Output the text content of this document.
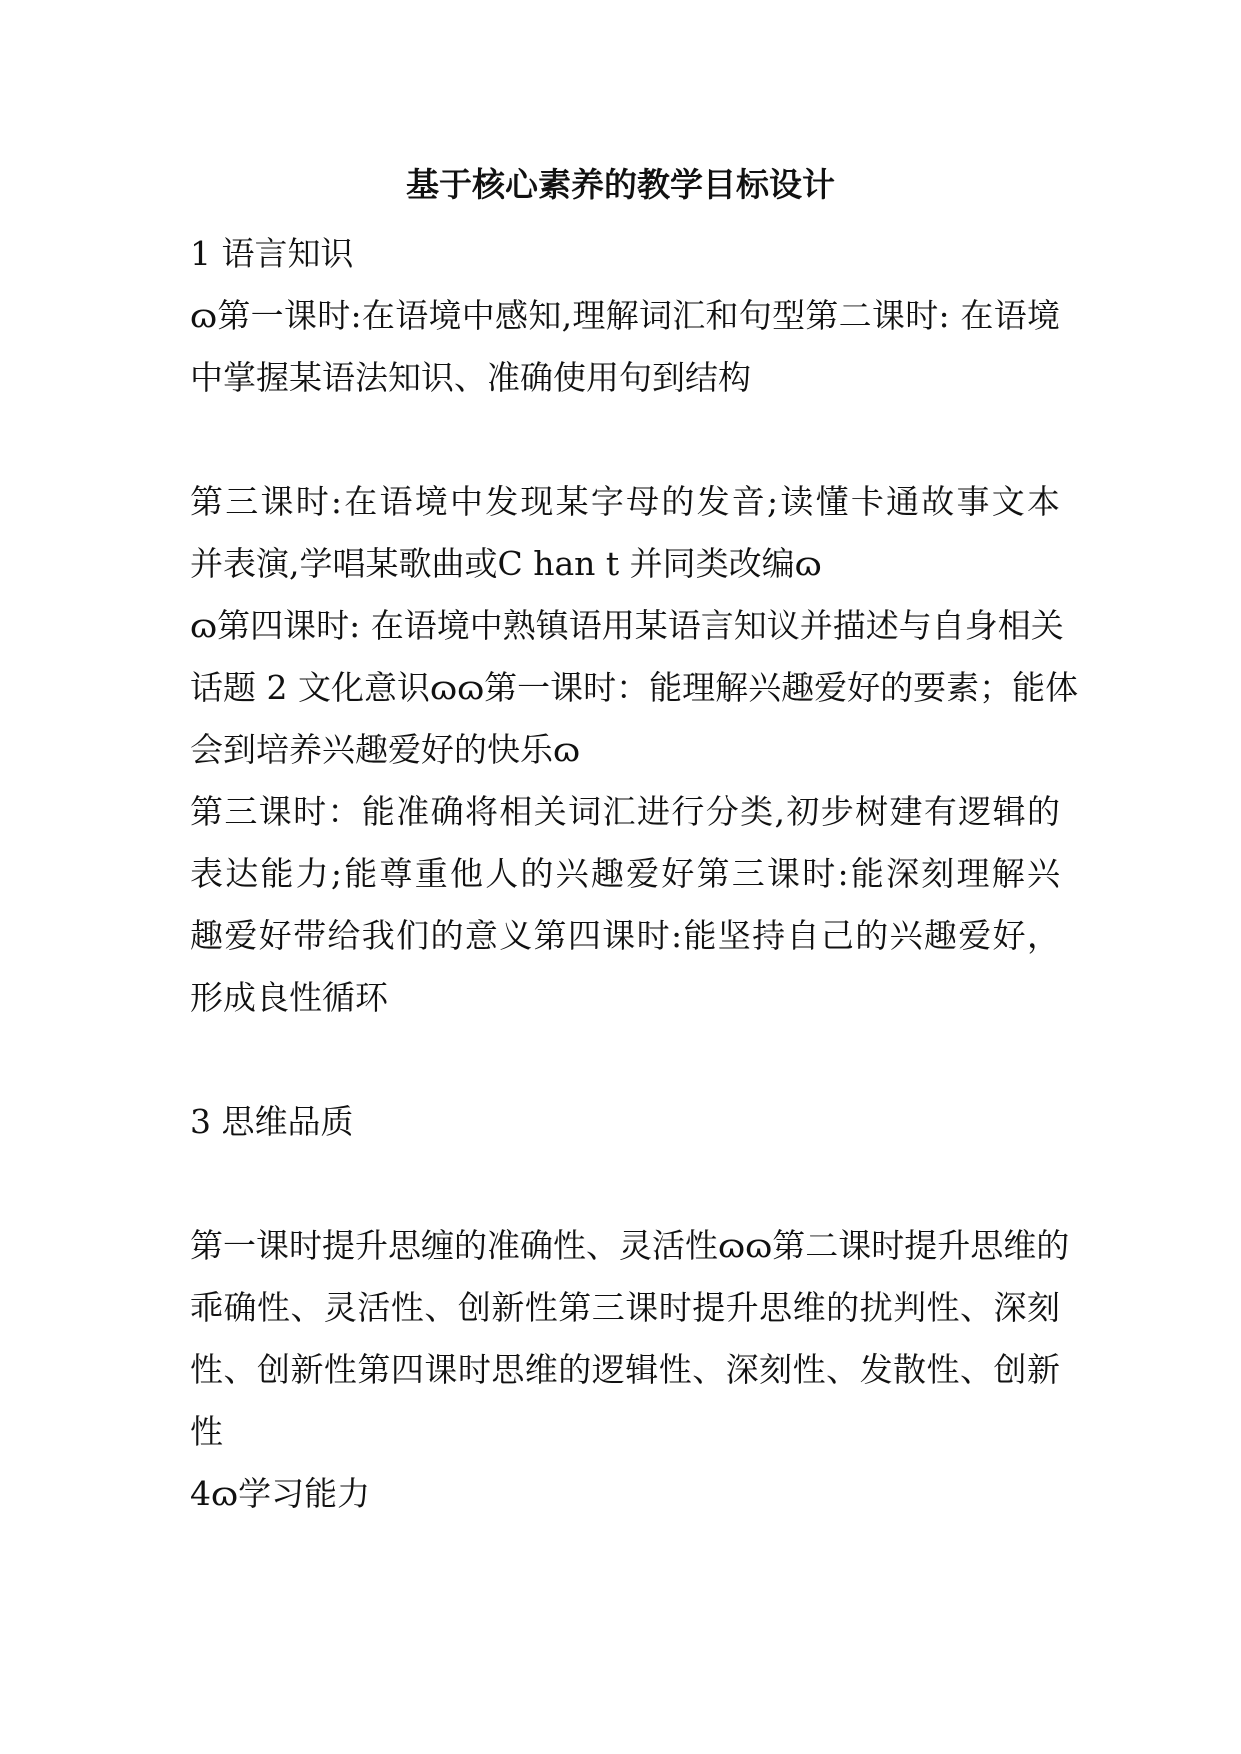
基于核心素养的教学目标设计
1 语言知识
ɷ第一课时:在语境中感知,理解词汇和句型第二课时: 在语境
中掌握某语法知识、准确使用句到结构
第三课时:在语境中发现某字母的发音;读懂卡通故事文本
并表演,学唱某歌曲或C han t 并同类改编ɷ
ɷ第四课时: 在语境中熟镇语用某语言知议并描述与自身相关
话题 2 文化意识ɷɷ第一课时：能理解兴趣爱好的要素；能体
会到培养兴趣爱好的快乐ɷ
第三课时：能准确将相关词汇进行分类,初步树建有逻辑的
表达能力;能尊重他人的兴趣爱好第三课时:能深刻理解兴
趣爱好带给我们的意义第四课时:能坚持自己的兴趣爱好，
形成良性循环
3 思维品质
第一课时提升思缠的准确性、灵活性ɷɷ第二课时提升思维的
乖确性、灵活性、创新性第三课时提升思维的扰判性、深刻
性、创新性第四课时思维的逻辑性、深刻性、发散性、创新
性
4ɷ学习能力
